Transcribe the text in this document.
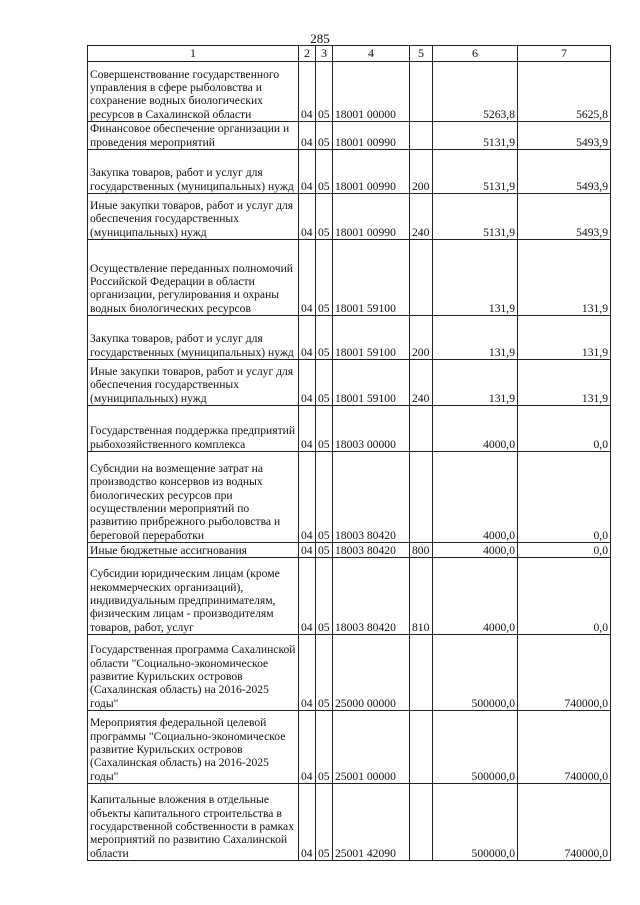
285
1	2	3	4	5	6	7
Совершенствование государственного управления в сфере рыболовства и сохранение водных биологических ресурсов в Сахалинской области	04	05	18001 00000		5263,8	5625,8
Финансовое обеспечение организации и проведения мероприятий	04	05	18001 00990		5131,9	5493,9
Закупка товаров, работ и услуг для государственных (муниципальных) нужд	04	05	18001 00990	200	5131,9	5493,9
Иные закупки товаров, работ и услуг для обеспечения государственных (муниципальных) нужд	04	05	18001 00990	240	5131,9	5493,9
Осуществление переданных полномочий Российской Федерации в области организации, регулирования и охраны водных биологических ресурсов	04	05	18001 59100		131,9	131,9
Закупка товаров, работ и услуг для государственных (муниципальных) нужд	04	05	18001 59100	200	131,9	131,9
Иные закупки товаров, работ и услуг для обеспечения государственных (муниципальных) нужд	04	05	18001 59100	240	131,9	131,9
Государственная поддержка предприятий рыбохозяйственного комплекса	04	05	18003 00000		4000,0	0,0
Субсидии на возмещение затрат на производство консервов из водных биологических ресурсов при осуществлении мероприятий по развитию прибрежного рыболовства и береговой переработки	04	05	18003 80420		4000,0	0,0
Иные бюджетные ассигнования	04	05	18003 80420	800	4000,0	0,0
Субсидии юридическим лицам (кроме некоммерческих организаций), индивидуальным предпринимателям, физическим лицам - производителям товаров, работ, услуг	04	05	18003 80420	810	4000,0	0,0
Государственная программа Сахалинской области "Социально-экономическое развитие Курильских островов (Сахалинская область) на 2016-2025 годы"	04	05	25000 00000		500000,0	740000,0
Мероприятия федеральной целевой программы "Социально-экономическое развитие Курильских островов (Сахалинская область) на 2016-2025 годы"	04	05	25001 00000		500000,0	740000,0
Капитальные вложения в отдельные объекты капитального строительства в государственной собственности в рамках мероприятий по развитию Сахалинской области	04	05	25001 42090		500000,0	740000,0
